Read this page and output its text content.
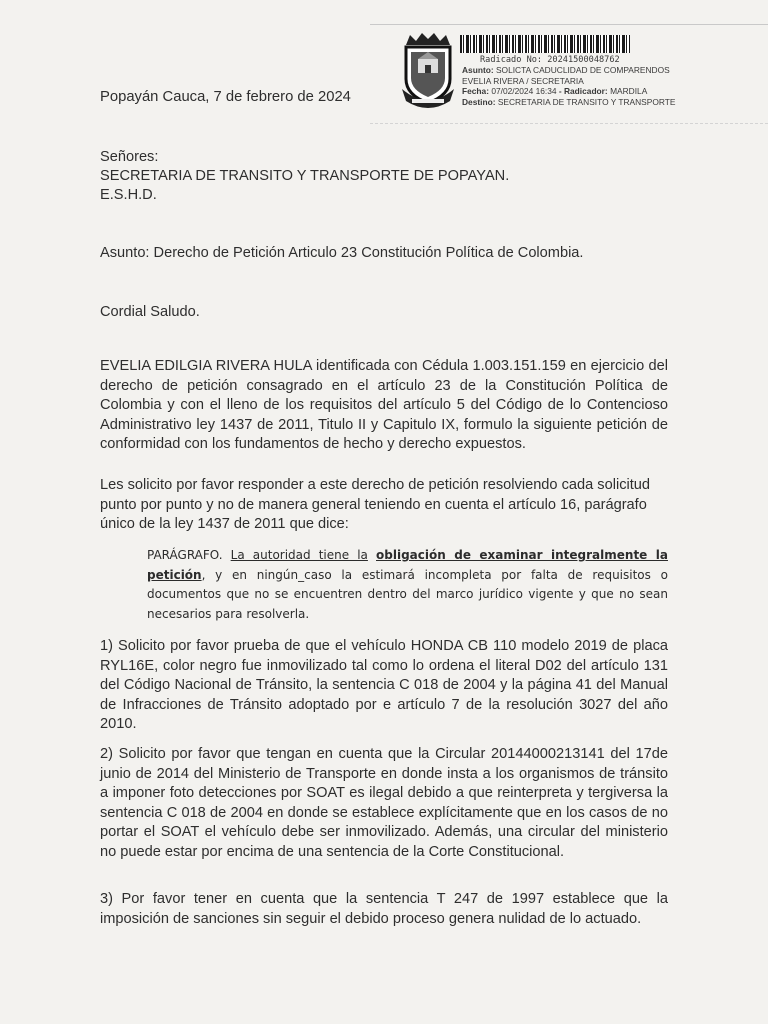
Radicado No: 20241500048762
Asunto: SOLICTA CADUCLIDAD DE COMPARENDOS
EVELIA RIVERA / SECRETARIA
Fecha: 07/02/2024 16:34 - Radicador: MARDILA
Destino: SECRETARIA DE TRANSITO Y TRANSPORTE
Popayán Cauca, 7 de febrero de 2024
Señores:
SECRETARIA DE TRANSITO Y TRANSPORTE DE POPAYAN.
E.S.H.D.
Asunto: Derecho de Petición Articulo 23 Constitución Política de Colombia.
Cordial Saludo.
EVELIA EDILGIA RIVERA HULA identificada con Cédula 1.003.151.159 en ejercicio del derecho de petición consagrado en el artículo 23 de la Constitución Política de Colombia y con el lleno de los requisitos del artículo 5 del Código de lo Contencioso Administrativo ley 1437 de 2011, Titulo II y Capitulo IX, formulo la siguiente petición de conformidad con los fundamentos de hecho y derecho expuestos.
Les solicito por favor responder a este derecho de petición resolviendo cada solicitud punto por punto y no de manera general teniendo en cuenta el artículo 16, parágrafo único de la ley 1437 de 2011 que dice:
PARÁGRAFO. La autoridad tiene la obligación de examinar integralmente la petición, y en ningún_caso la estimará incompleta por falta de requisitos o documentos que no se encuentren dentro del marco jurídico vigente y que no sean necesarios para resolverla.
1) Solicito por favor prueba de que el vehículo HONDA CB 110 modelo 2019 de placa RYL16E, color negro fue inmovilizado tal como lo ordena el literal D02 del artículo 131 del Código Nacional de Tránsito, la sentencia C 018 de 2004 y la página 41 del Manual de Infracciones de Tránsito adoptado por e artículo 7 de la resolución 3027 del año 2010.
2) Solicito por favor que tengan en cuenta que la Circular 20144000213141 del 17de junio de 2014 del Ministerio de Transporte en donde insta a los organismos de tránsito a imponer foto detecciones por SOAT es ilegal debido a que reinterpreta y tergiversa la sentencia C 018 de 2004 en donde se establece explícitamente que en los casos de no portar el SOAT el vehículo debe ser inmovilizado. Además, una circular del ministerio no puede estar por encima de una sentencia de la Corte Constitucional.
3) Por favor tener en cuenta que la sentencia T 247 de 1997 establece que la imposición de sanciones sin seguir el debido proceso genera nulidad de lo actuado.
